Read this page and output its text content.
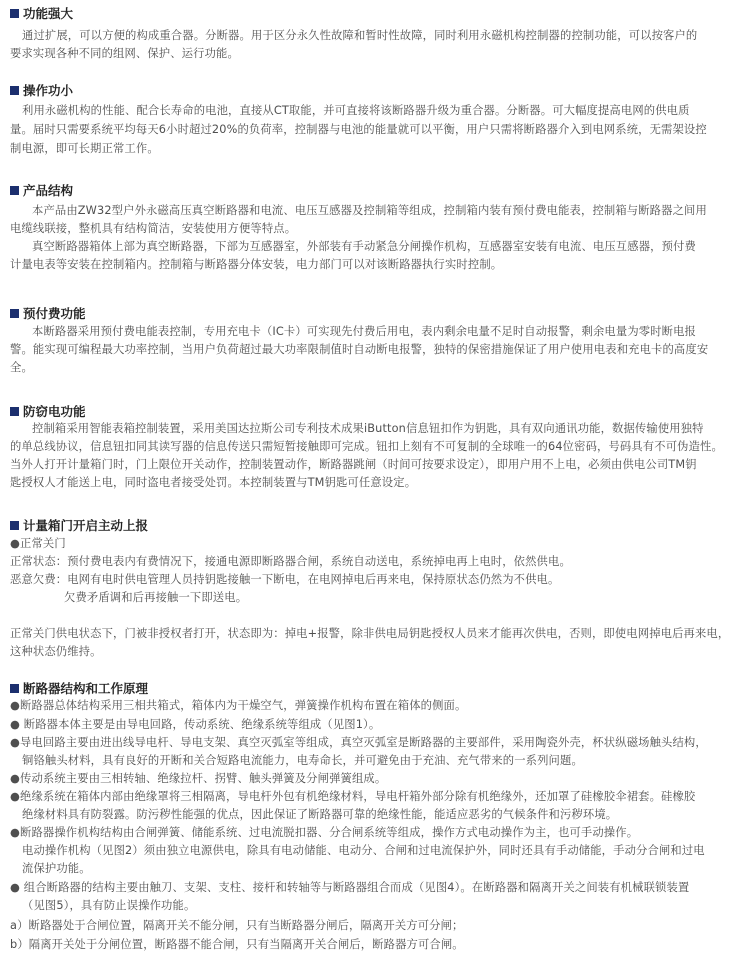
功能强大
通过扩展，可以方便的构成重合器。分断器。用于区分永久性故障和暂时性故障，同时利用永磁机构控制器的控制功能，可以按客户的
要求实现各种不同的组网、保护、运行功能。
操作功小
利用永磁机构的性能、配合长寿命的电池，直接从CT取能，并可直接将该断路器升级为重合器。分断器。可大幅度提高电网的供电质
量。届时只需要系统平均每天6小时超过20%的负荷率，控制器与电池的能量就可以平衡，用户只需将断路器介入到电网系统，无需架设控
制电源，即可长期正常工作。
产品结构
本产品由ZW32型户外永磁高压真空断路器和电流、电压互感器及控制箱等组成，控制箱内装有预付费电能表，控制箱与断路器之间用
电缆线联接，整机具有结构简洁，安装使用方便等特点。
真空断路器箱体上部为真空断路器，下部为互感器室，外部装有手动紧急分闸操作机构，互感器室安装有电流、电压互感器，预付费
计量电表等安装在控制箱内。控制箱与断路器分体安装，电力部门可以对该断路器执行实时控制。
预付费功能
本断路器采用预付费电能表控制，专用充电卡（IC卡）可实现先付费后用电，表内剩余电量不足时自动报警，剩余电量为零时断电报
警。能实现可编程最大功率控制，当用户负荷超过最大功率限制值时自动断电报警，独特的保密措施保证了用户使用电表和充电卡的高度安
全。
防窃电功能
控制箱采用智能表箱控制装置，采用美国达拉斯公司专利技术成果iButton信息钮扣作为钥匙，具有双向通讯功能，数据传输使用独特
的单总线协议，信息钮扣同其读写器的信息传送只需短暂接触即可完成。钮扣上刻有不可复制的全球唯一的64位密码，号码具有不可伪造性。
当外人打开计量箱门时，门上限位开关动作，控制装置动作，断路器跳闸（时间可按要求设定），即用户用不上电，必须由供电公司TM钥
匙授权人才能送上电，同时盗电者接受处罚。本控制装置与TM钥匙可任意设定。
计量箱门开启主动上报
●正常关门
正常状态：预付费电表内有费情况下，接通电源即断路器合闸，系统自动送电，系统掉电再上电时，依然供电。
恶意欠费：电网有电时供电管理人员持钥匙接触一下断电，在电网掉电后再来电，保持原状态仍然为不供电。
欠费矛盾调和后再接触一下即送电。
正常关门供电状态下，门被非授权者打开，状态即为：掉电+报警，除非供电局钥匙授权人员来才能再次供电，否则，即使电网掉电后再来电，
这种状态仍维持。
断路器结构和工作原理
●断路器总体结构采用三相共箱式，箱体内为干燥空气，弹簧操作机构布置在箱体的侧面。
● 断路器本体主要是由导电回路，传动系统、绝缘系统等组成（见图1）。
●导电回路主要由进出线导电杆、导电支架、真空灭弧室等组成，真空灭弧室是断路器的主要部件，采用陶瓷外壳，杯状纵磁场触头结构，
铜铬触头材料，具有良好的开断和关合短路电流能力，电寿命长，并可避免由于充油、充气带来的一系列问题。
●传动系统主要由三相转轴、绝缘拉杆、拐臂、触头弹簧及分闸弹簧组成。
●绝缘系统在箱体内部由绝缘罩将三相隔离，导电杆外包有机绝缘材料，导电杆箱外部分除有机绝缘外，还加罩了硅橡胶伞裙套。硅橡胶
绝缘材料具有防裂露。防污秽性能强的优点，因此保证了断路器可靠的绝缘性能，能适应恶劣的气候条件和污秽环境。
●断路器操作机构结构由合闸弹簧、储能系统、过电流脱扣器、分合闸系统等组成，操作方式电动操作为主，也可手动操作。
电动操作机构（见图2）须由独立电源供电，除具有电动储能、电动分、合闸和过电流保护外，同时还具有手动储能，手动分合闸和过电
流保护功能。
● 组合断路器的结构主要由触刀、支架、支柱、接杆和转轴等与断路器组合而成（见图4）。在断路器和隔离开关之间装有机械联锁装置
（见图5），具有防止误操作功能。
a）断路器处于合闸位置，隔离开关不能分闸，只有当断路器分闸后，隔离开关方可分闸；
b）隔离开关处于分闸位置，断路器不能合闸，只有当隔离开关合闸后，断路器方可合闸。
